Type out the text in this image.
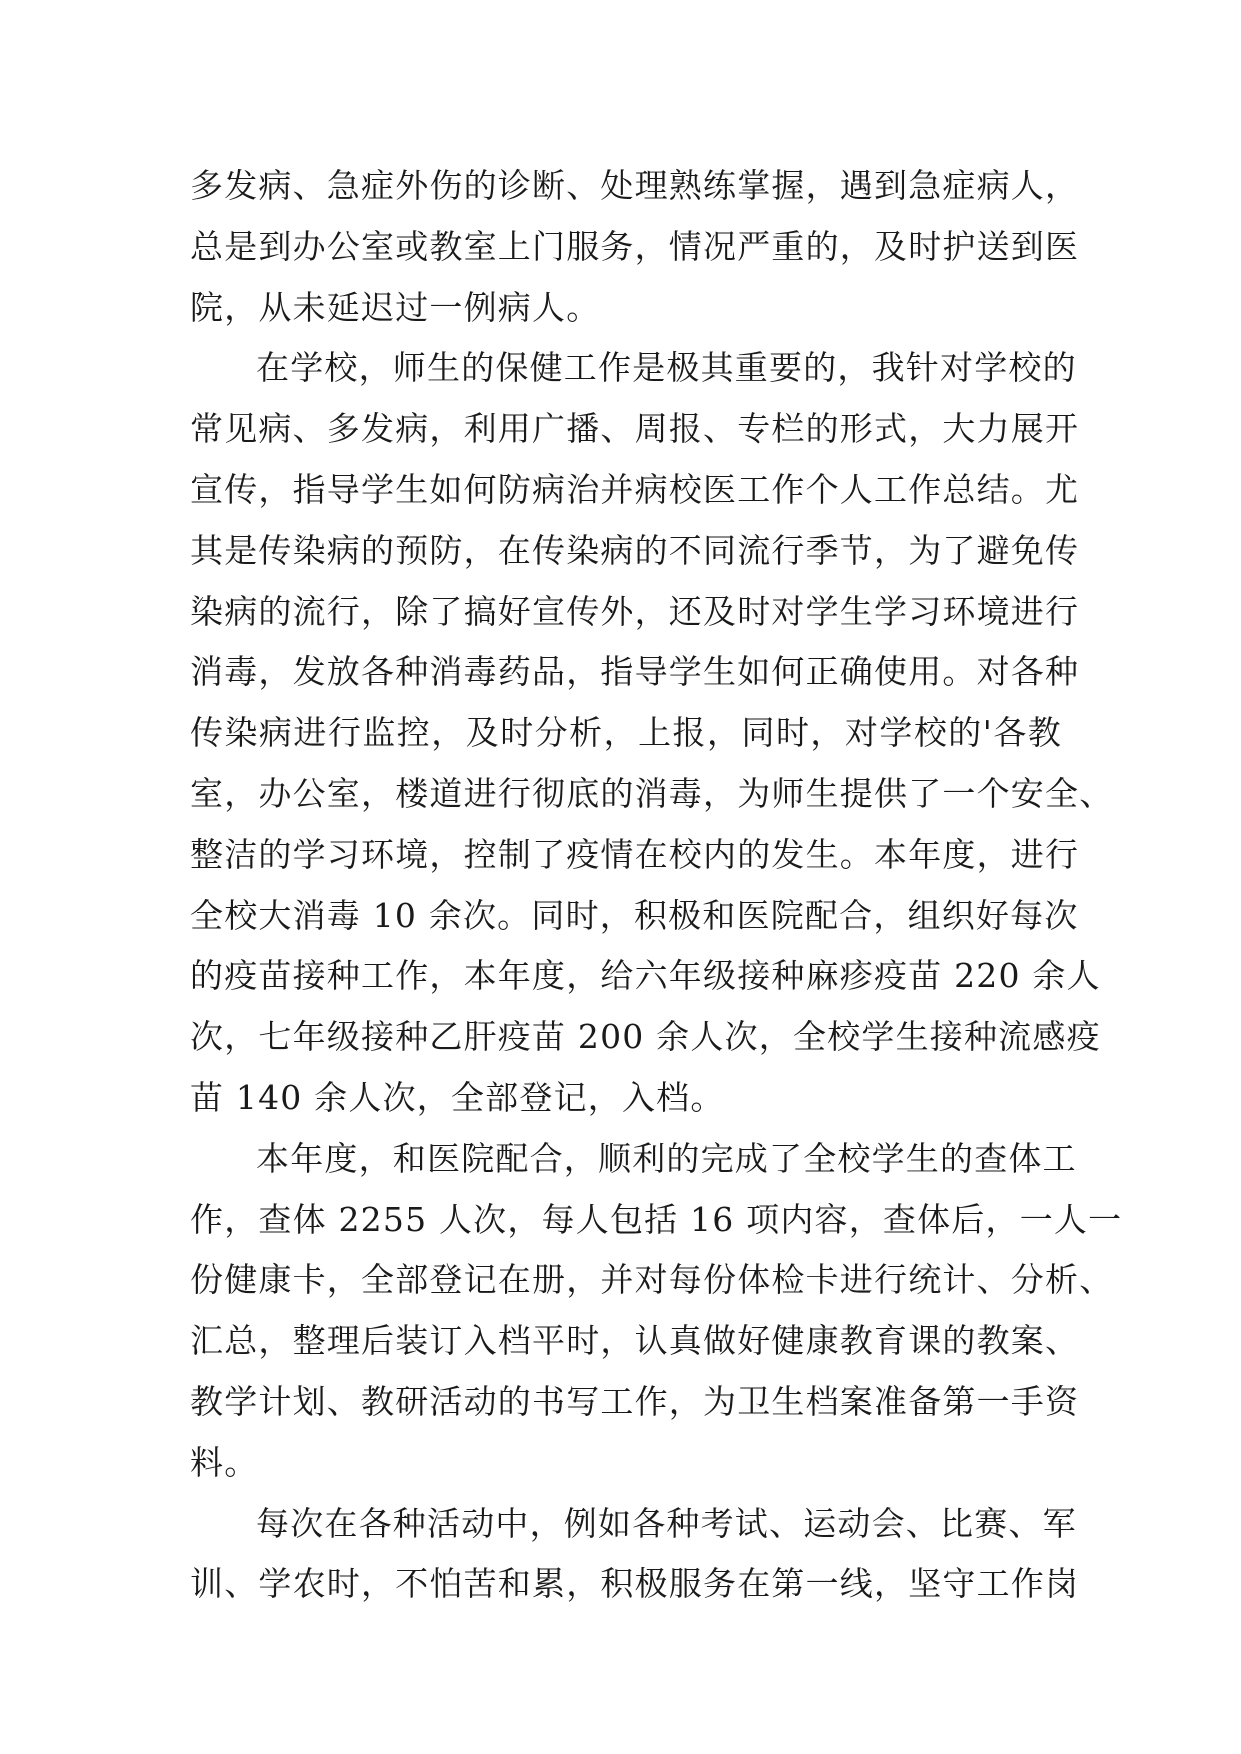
多发病、急症外伤的诊断、处理熟练掌握，遇到急症病人，
总是到办公室或教室上门服务，情况严重的，及时护送到医
院，从未延迟过一例病人。
在学校，师生的保健工作是极其重要的，我针对学校的
常见病、多发病，利用广播、周报、专栏的形式，大力展开
宣传，指导学生如何防病治并病校医工作个人工作总结。尤
其是传染病的预防，在传染病的不同流行季节，为了避免传
染病的流行，除了搞好宣传外，还及时对学生学习环境进行
消毒，发放各种消毒药品，指导学生如何正确使用。对各种
传染病进行监控，及时分析，上报，同时，对学校的'各教
室，办公室，楼道进行彻底的消毒，为师生提供了一个安全、
整洁的学习环境，控制了疫情在校内的发生。本年度，进行
全校大消毒 10 余次。同时，积极和医院配合，组织好每次
的疫苗接种工作，本年度，给六年级接种麻疹疫苗 220 余人
次，七年级接种乙肝疫苗 200 余人次，全校学生接种流感疫
苗 140 余人次，全部登记，入档。
本年度，和医院配合，顺利的完成了全校学生的查体工
作，查体 2255 人次，每人包括 16 项内容，查体后，一人一
份健康卡，全部登记在册，并对每份体检卡进行统计、分析、
汇总，整理后装订入档平时，认真做好健康教育课的教案、
教学计划、教研活动的书写工作，为卫生档案准备第一手资
料。
每次在各种活动中，例如各种考试、运动会、比赛、军
训、学农时，不怕苦和累，积极服务在第一线，坚守工作岗
